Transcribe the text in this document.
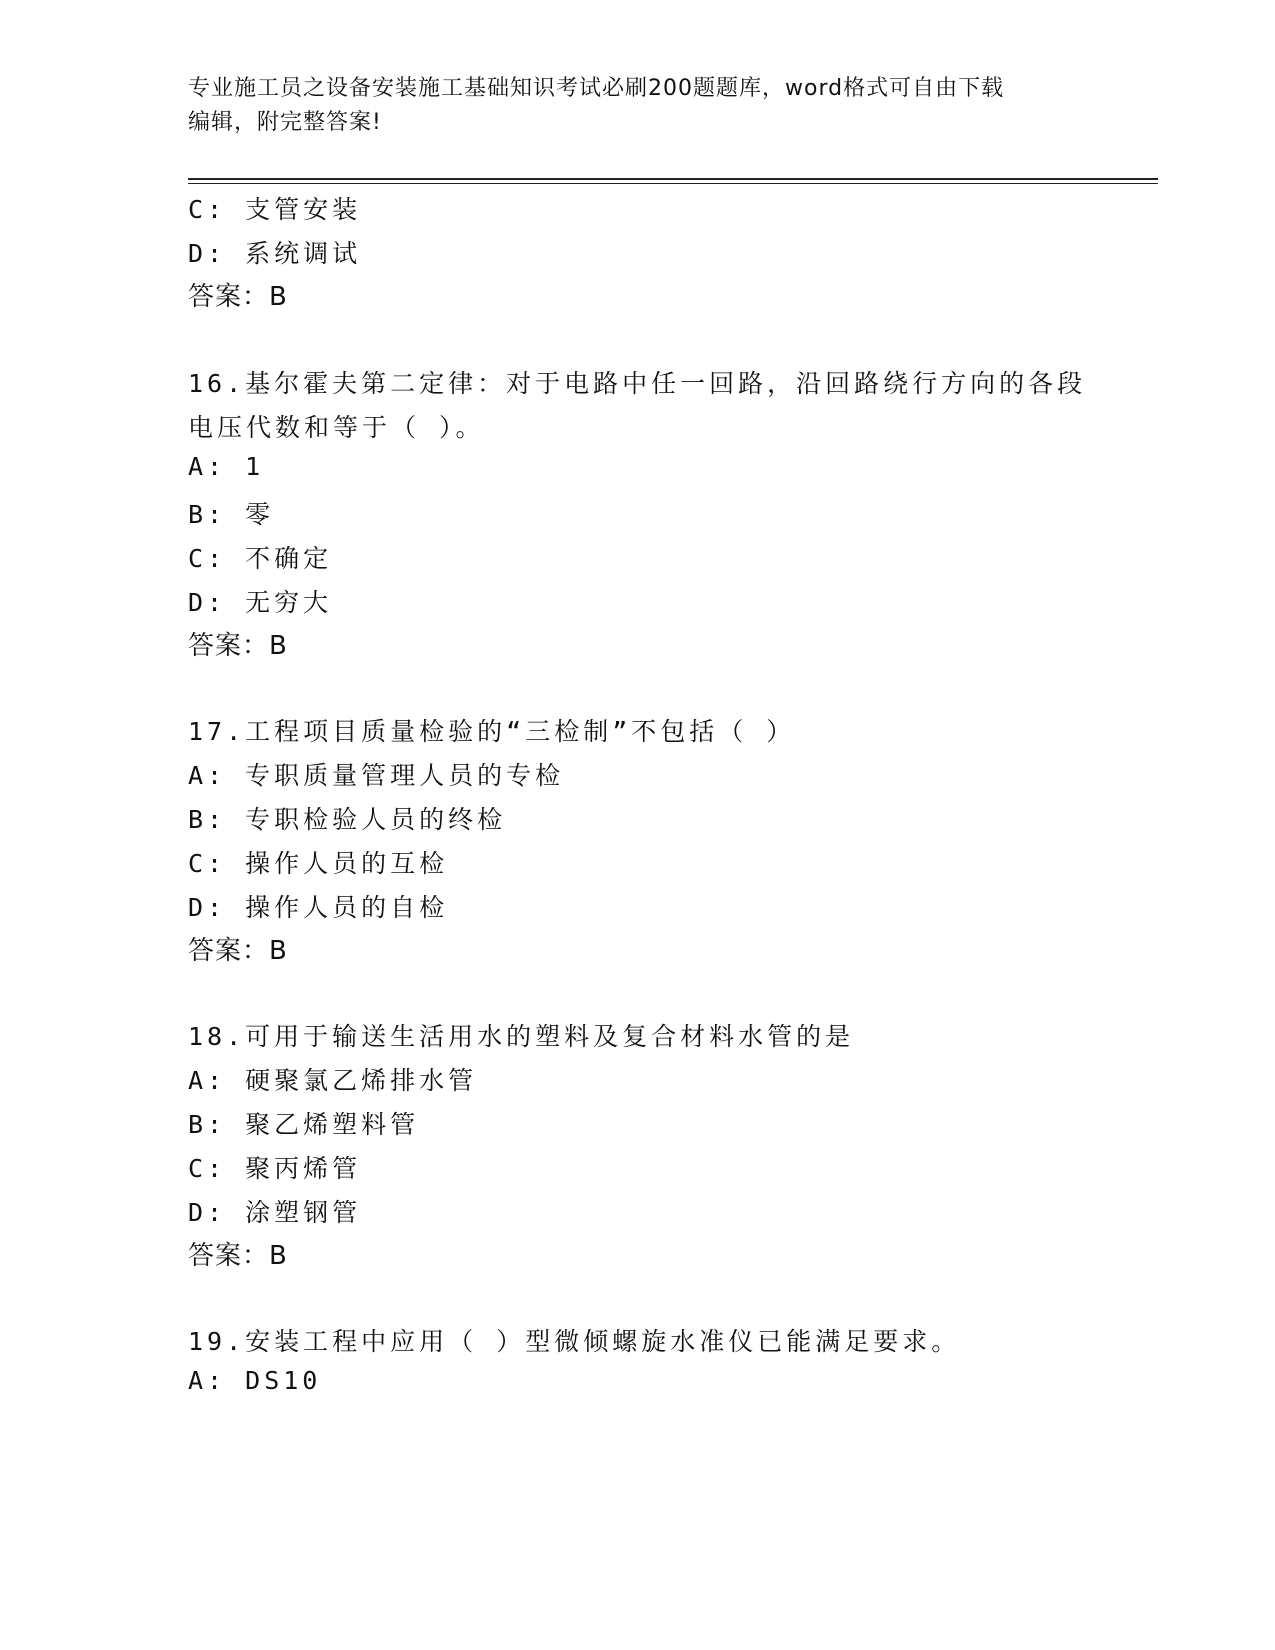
专业施工员之设备安装施工基础知识考试必刷200题题库，word格式可自由下载
编辑，附完整答案!
C: 支管安装
D: 系统调试
答案：B
16.基尔霍夫第二定律：对于电路中任一回路，沿回路绕行方向的各段
电压代数和等于（ ）。
A: 1
B: 零
C: 不确定
D: 无穷大
答案：B
17.工程项目质量检验的“三检制”不包括（ ）
A: 专职质量管理人员的专检
B: 专职检验人员的终检
C: 操作人员的互检
D: 操作人员的自检
答案：B
18.可用于输送生活用水的塑料及复合材料水管的是
A: 硬聚氯乙烯排水管
B: 聚乙烯塑料管
C: 聚丙烯管
D: 涂塑钢管
答案：B
19.安装工程中应用（ ）型微倾螺旋水准仪已能满足要求。
A: DS10
